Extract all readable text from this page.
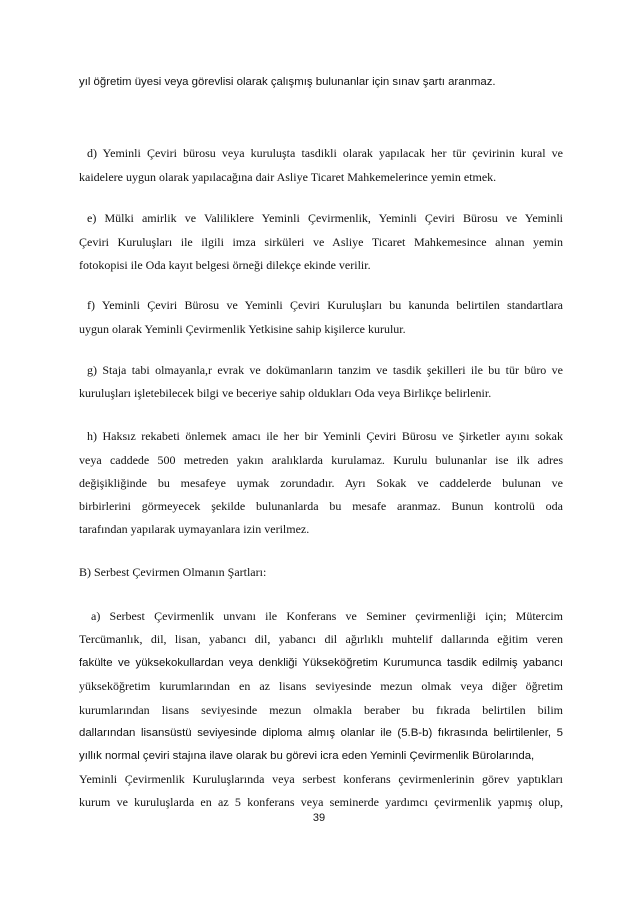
yıl öğretim üyesi veya görevlisi olarak çalışmış bulunanlar için sınav şartı aranmaz.
d) Yeminli Çeviri bürosu veya kuruluşta tasdikli olarak yapılacak her tür çevirinin kural ve
kaidelere uygun olarak yapılacağına dair Asliye Ticaret Mahkemelerince yemin etmek.
e) Mülki amirlik ve Valiliklere Yeminli Çevirmenlik, Yeminli Çeviri Bürosu ve Yeminli
Çeviri Kuruluşları ile ilgili imza sirküleri ve Asliye Ticaret Mahkemesince alınan yemin
fotokopisi ile Oda kayıt belgesi örneği dilekçe ekinde verilir.
f) Yeminli Çeviri Bürosu ve Yeminli Çeviri Kuruluşları bu kanunda belirtilen standartlara
uygun olarak Yeminli Çevirmenlik Yetkisine sahip kişilerce kurulur.
g) Staja tabi olmayanla,r evrak ve dokümanların tanzim ve tasdik şekilleri ile bu tür büro ve
kuruluşları işletebilecek bilgi ve beceriye sahip oldukları Oda veya Birlikçe belirlenir.
h) Haksız rekabeti önlemek amacı ile her bir Yeminli Çeviri Bürosu ve Şirketler ayını sokak
veya caddede 500 metreden yakın aralıklarda kurulamaz. Kurulu bulunanlar ise ilk adres
değişikliğinde bu mesafeye uymak zorundadır. Ayrı Sokak ve caddelerde bulunan ve
birbirlerini görmeyecek şekilde bulunanlarda bu mesafe aranmaz. Bunun kontrolü oda
tarafından yapılarak uymayanlara izin verilmez.
B) Serbest Çevirmen Olmanın Şartları:
a) Serbest Çevirmenlik unvanı ile Konferans ve Seminer çevirmenliği için; Mütercim
Tercümanlık, dil, lisan, yabancı dil, yabancı dil ağırlıklı muhtelif dallarında eğitim veren
fakülte ve yüksekokullardan veya denkliği Yükseköğretim Kurumunca tasdik edilmiş yabancı
yükseköğretim kurumlarından en az lisans seviyesinde mezun olmak veya diğer öğretim
kurumlarından lisans seviyesinde mezun olmakla beraber bu fıkrada belirtilen bilim
dallarından lisansüstü seviyesinde diploma almış olanlar ile (5.B-b) fıkrasında belirtilenler, 5
yıllık normal çeviri stajına ilave olarak bu görevi icra eden Yeminli Çevirmenlik Bürolarında,
Yeminli Çevirmenlik Kuruluşlarında veya serbest konferans çevirmenlerinin görev yaptıkları
kurum ve kuruluşlarda en az 5 konferans veya seminerde yardımcı çevirmenlik yapmış olup,
39
